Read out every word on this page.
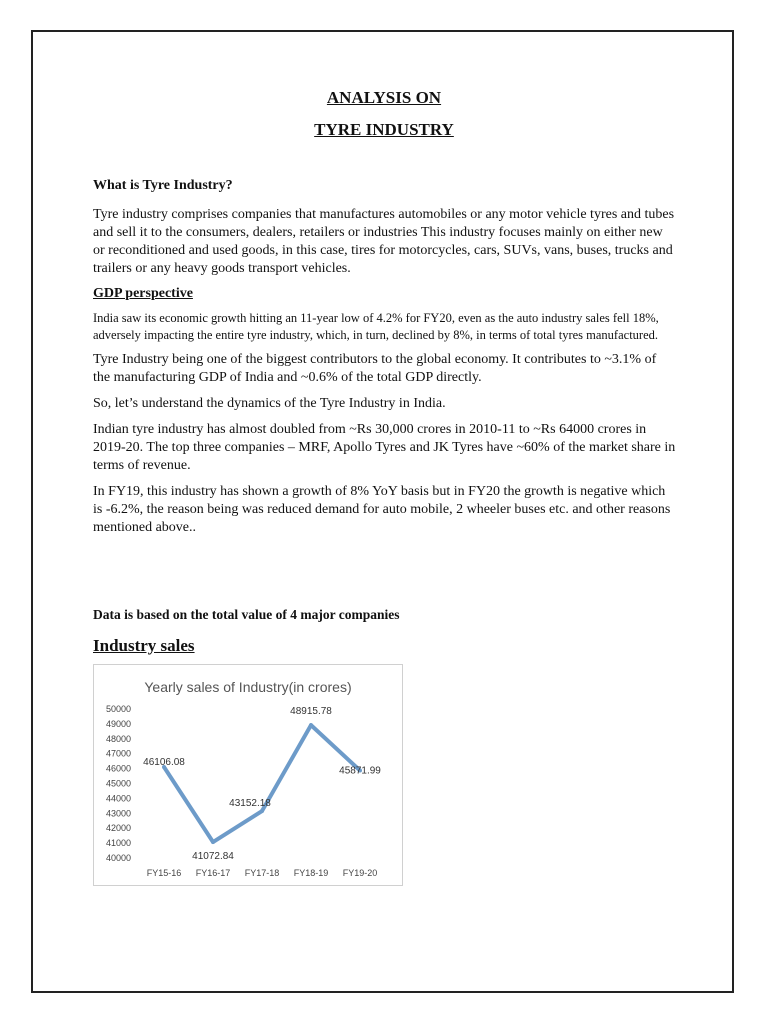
ANALYSIS ON
TYRE INDUSTRY

What is Tyre Industry?

Tyre industry comprises companies that manufactures automobiles or any motor vehicle tyres and tubes and sell it to the consumers, dealers, retailers or industries This industry focuses mainly on either new or reconditioned and used goods, in this case, tires for motorcycles, cars, SUVs, vans, buses, trucks and trailers or any heavy goods transport vehicles.

GDP perspective

India saw its economic growth hitting an 11-year low of 4.2% for FY20, even as the auto industry sales fell 18%, adversely impacting the entire tyre industry, which, in turn, declined by 8%, in terms of total tyres manufactured.

Tyre Industry being one of the biggest contributors to the global economy. It contributes to ~3.1% of the manufacturing GDP of India and ~0.6% of the total GDP directly.

So, let’s understand the dynamics of the Tyre Industry in India.

Indian tyre industry has almost doubled from ~Rs 30,000 crores in 2010-11 to ~Rs 64000 crores in 2019-20. The top three companies – MRF, Apollo Tyres and JK Tyres have ~60% of the market share in terms of revenue.

In FY19, this industry has shown a growth of 8% YoY basis but in FY20 the growth is negative which is -6.2%, the reason being was reduced demand for auto mobile, 2 wheeler buses etc. and other reasons mentioned above..

Data is based on the total value of 4 major companies
Industry sales
Yearly sales of Industry(in crores)
40000
41000
42000
43000
44000
45000
46000
47000
48000
49000
50000
FY15-16 FY16-17 FY17-18 FY18-19 FY19-20
46106.08
41072.84
43152.18
48915.78
45871.99
